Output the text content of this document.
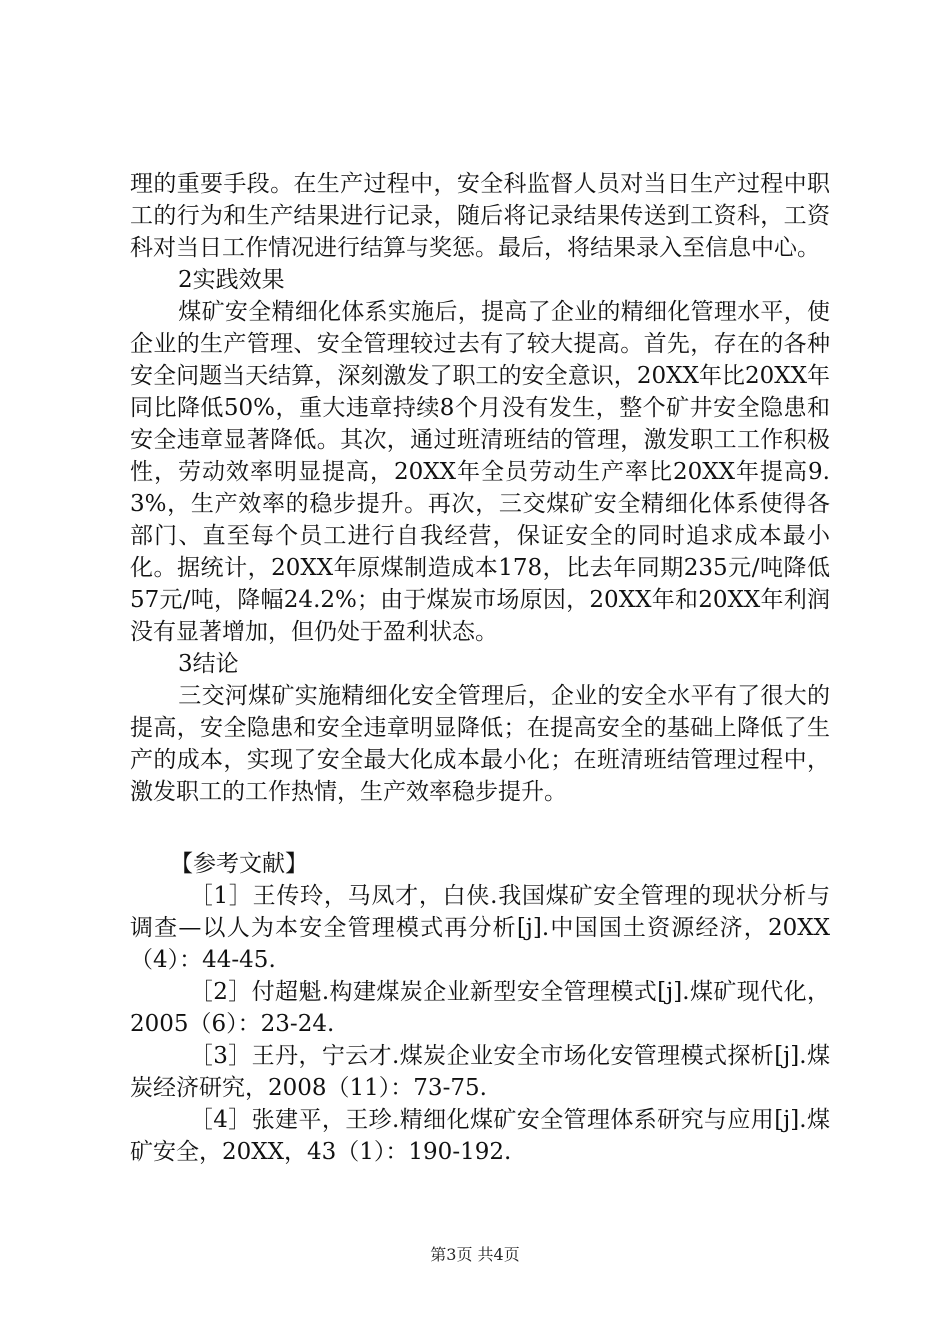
理的重要手段。在生产过程中，安全科监督人员对当日生产过程中职工的行为和生产结果进行记录，随后将记录结果传送到工资科，工资科对当日工作情况进行结算与奖惩。最后，将结果录入至信息中心。

2实践效果

煤矿安全精细化体系实施后，提高了企业的精细化管理水平，使企业的生产管理、安全管理较过去有了较大提高。首先，存在的各种安全问题当天结算，深刻激发了职工的安全意识，20XX年比20XX年同比降低50%，重大违章持续8个月没有发生，整个矿井安全隐患和安全违章显著降低。其次，通过班清班结的管理，激发职工工作积极性，劳动效率明显提高，20XX年全员劳动生产率比20XX年提高9.3%，生产效率的稳步提升。再次，三交煤矿安全精细化体系使得各部门、直至每个员工进行自我经营，保证安全的同时追求成本最小化。据统计，20XX年原煤制造成本178，比去年同期235元/吨降低57元/吨，降幅24.2%；由于煤炭市场原因，20XX年和20XX年利润没有显著增加，但仍处于盈利状态。

3结论

三交河煤矿实施精细化安全管理后，企业的安全水平有了很大的提高，安全隐患和安全违章明显降低；在提高安全的基础上降低了生产的成本，实现了安全最大化成本最小化；在班清班结管理过程中，激发职工的工作热情，生产效率稳步提升。

【参考文献】

［1］王传玲，马凤才，白侠.我国煤矿安全管理的现状分析与调查—以人为本安全管理模式再分析[j].中国国土资源经济，20XX（4）：44-45.

［2］付超魁.构建煤炭企业新型安全管理模式[j].煤矿现代化，2005（6）：23-24.

［3］王丹，宁云才.煤炭企业安全市场化安管理模式探析[j].煤炭经济研究，2008（11）：73-75.

［4］张建平，王珍.精细化煤矿安全管理体系研究与应用[j].煤矿安全，20XX，43（1）：190-192.

第3页 共4页
